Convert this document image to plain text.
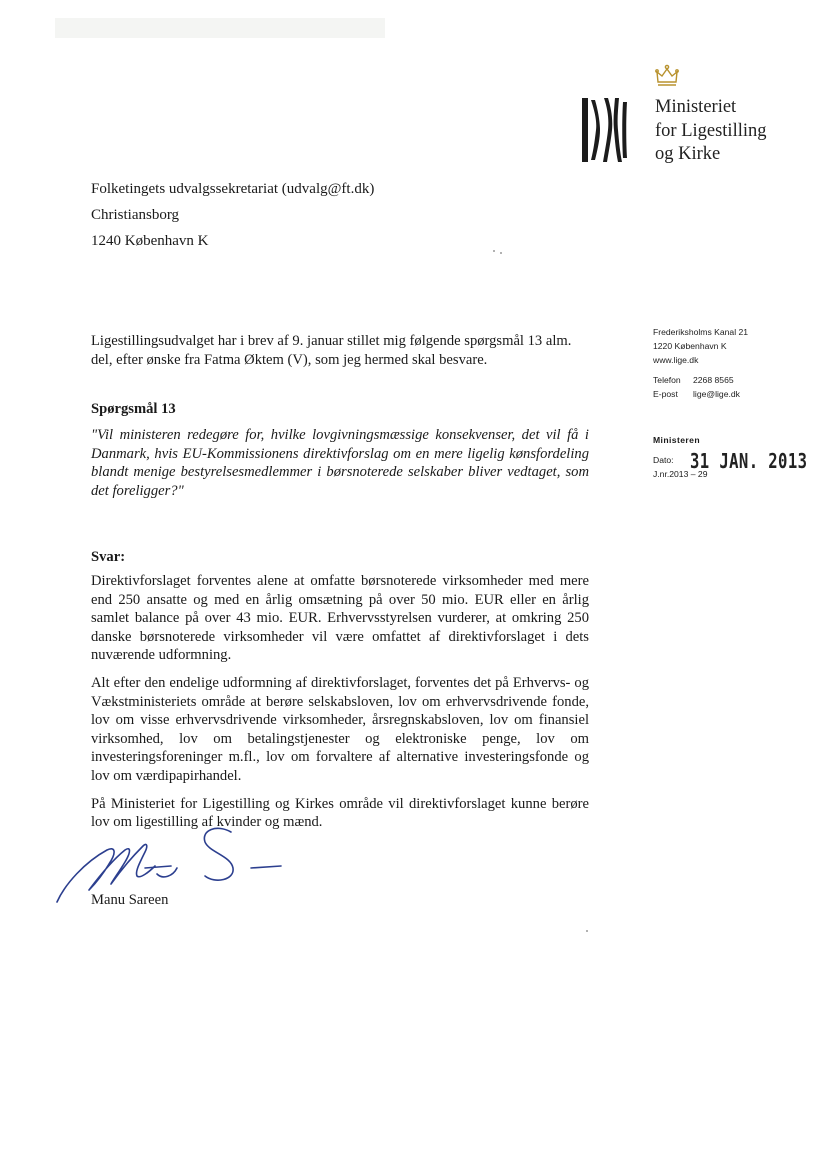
Ministeriet
for Ligestilling
og Kirke
Folketingets udvalgssekretariat (udvalg@ft.dk)
Christiansborg
1240 København K
Frederiksholms Kanal 21
1220 København K
www.lige.dk
Telefon 2268 8565
E-post lige@lige.dk
Ministeren
Dato: 31 JAN. 2013
J.nr.2013 – 29
Ligestillingsudvalget har i brev af 9. januar stillet mig følgende spørgsmål 13 alm. del, efter ønske fra Fatma Øktem (V), som jeg hermed skal besvare.
Spørgsmål 13
"Vil ministeren redegøre for, hvilke lovgivningsmæssige konsekvenser, det vil få i Danmark, hvis EU-Kommissionens direktivforslag om en mere ligelig kønsfordeling blandt menige bestyrelsesmedlemmer i børsnoterede selskaber bliver vedtaget, som det foreligger?"
Svar:

Direktivforslaget forventes alene at omfatte børsnoterede virksomheder med mere end 250 ansatte og med en årlig omsætning på over 50 mio. EUR eller en årlig samlet balance på over 43 mio. EUR. Erhvervsstyrelsen vurderer, at omkring 250 danske børsnoterede virksomheder vil være omfattet af direktivforslaget i dets nuværende udformning.

Alt efter den endelige udformning af direktivforslaget, forventes det på Erhvervs- og Vækstministeriets område at berøre selskabsloven, lov om erhvervsdrivende fonde, lov om visse erhvervsdrivende virksomheder, årsregnskabsloven, lov om finansiel virksomhed, lov om betalingstjenester og elektroniske penge, lov om investeringsforeninger m.fl., lov om forvaltere af alternative investeringsfonde og lov om værdipapirhandel.

På Ministeriet for Ligestilling og Kirkes område vil direktivforslaget kunne berøre lov om ligestilling af kvinder og mænd.

Manu Sareen
